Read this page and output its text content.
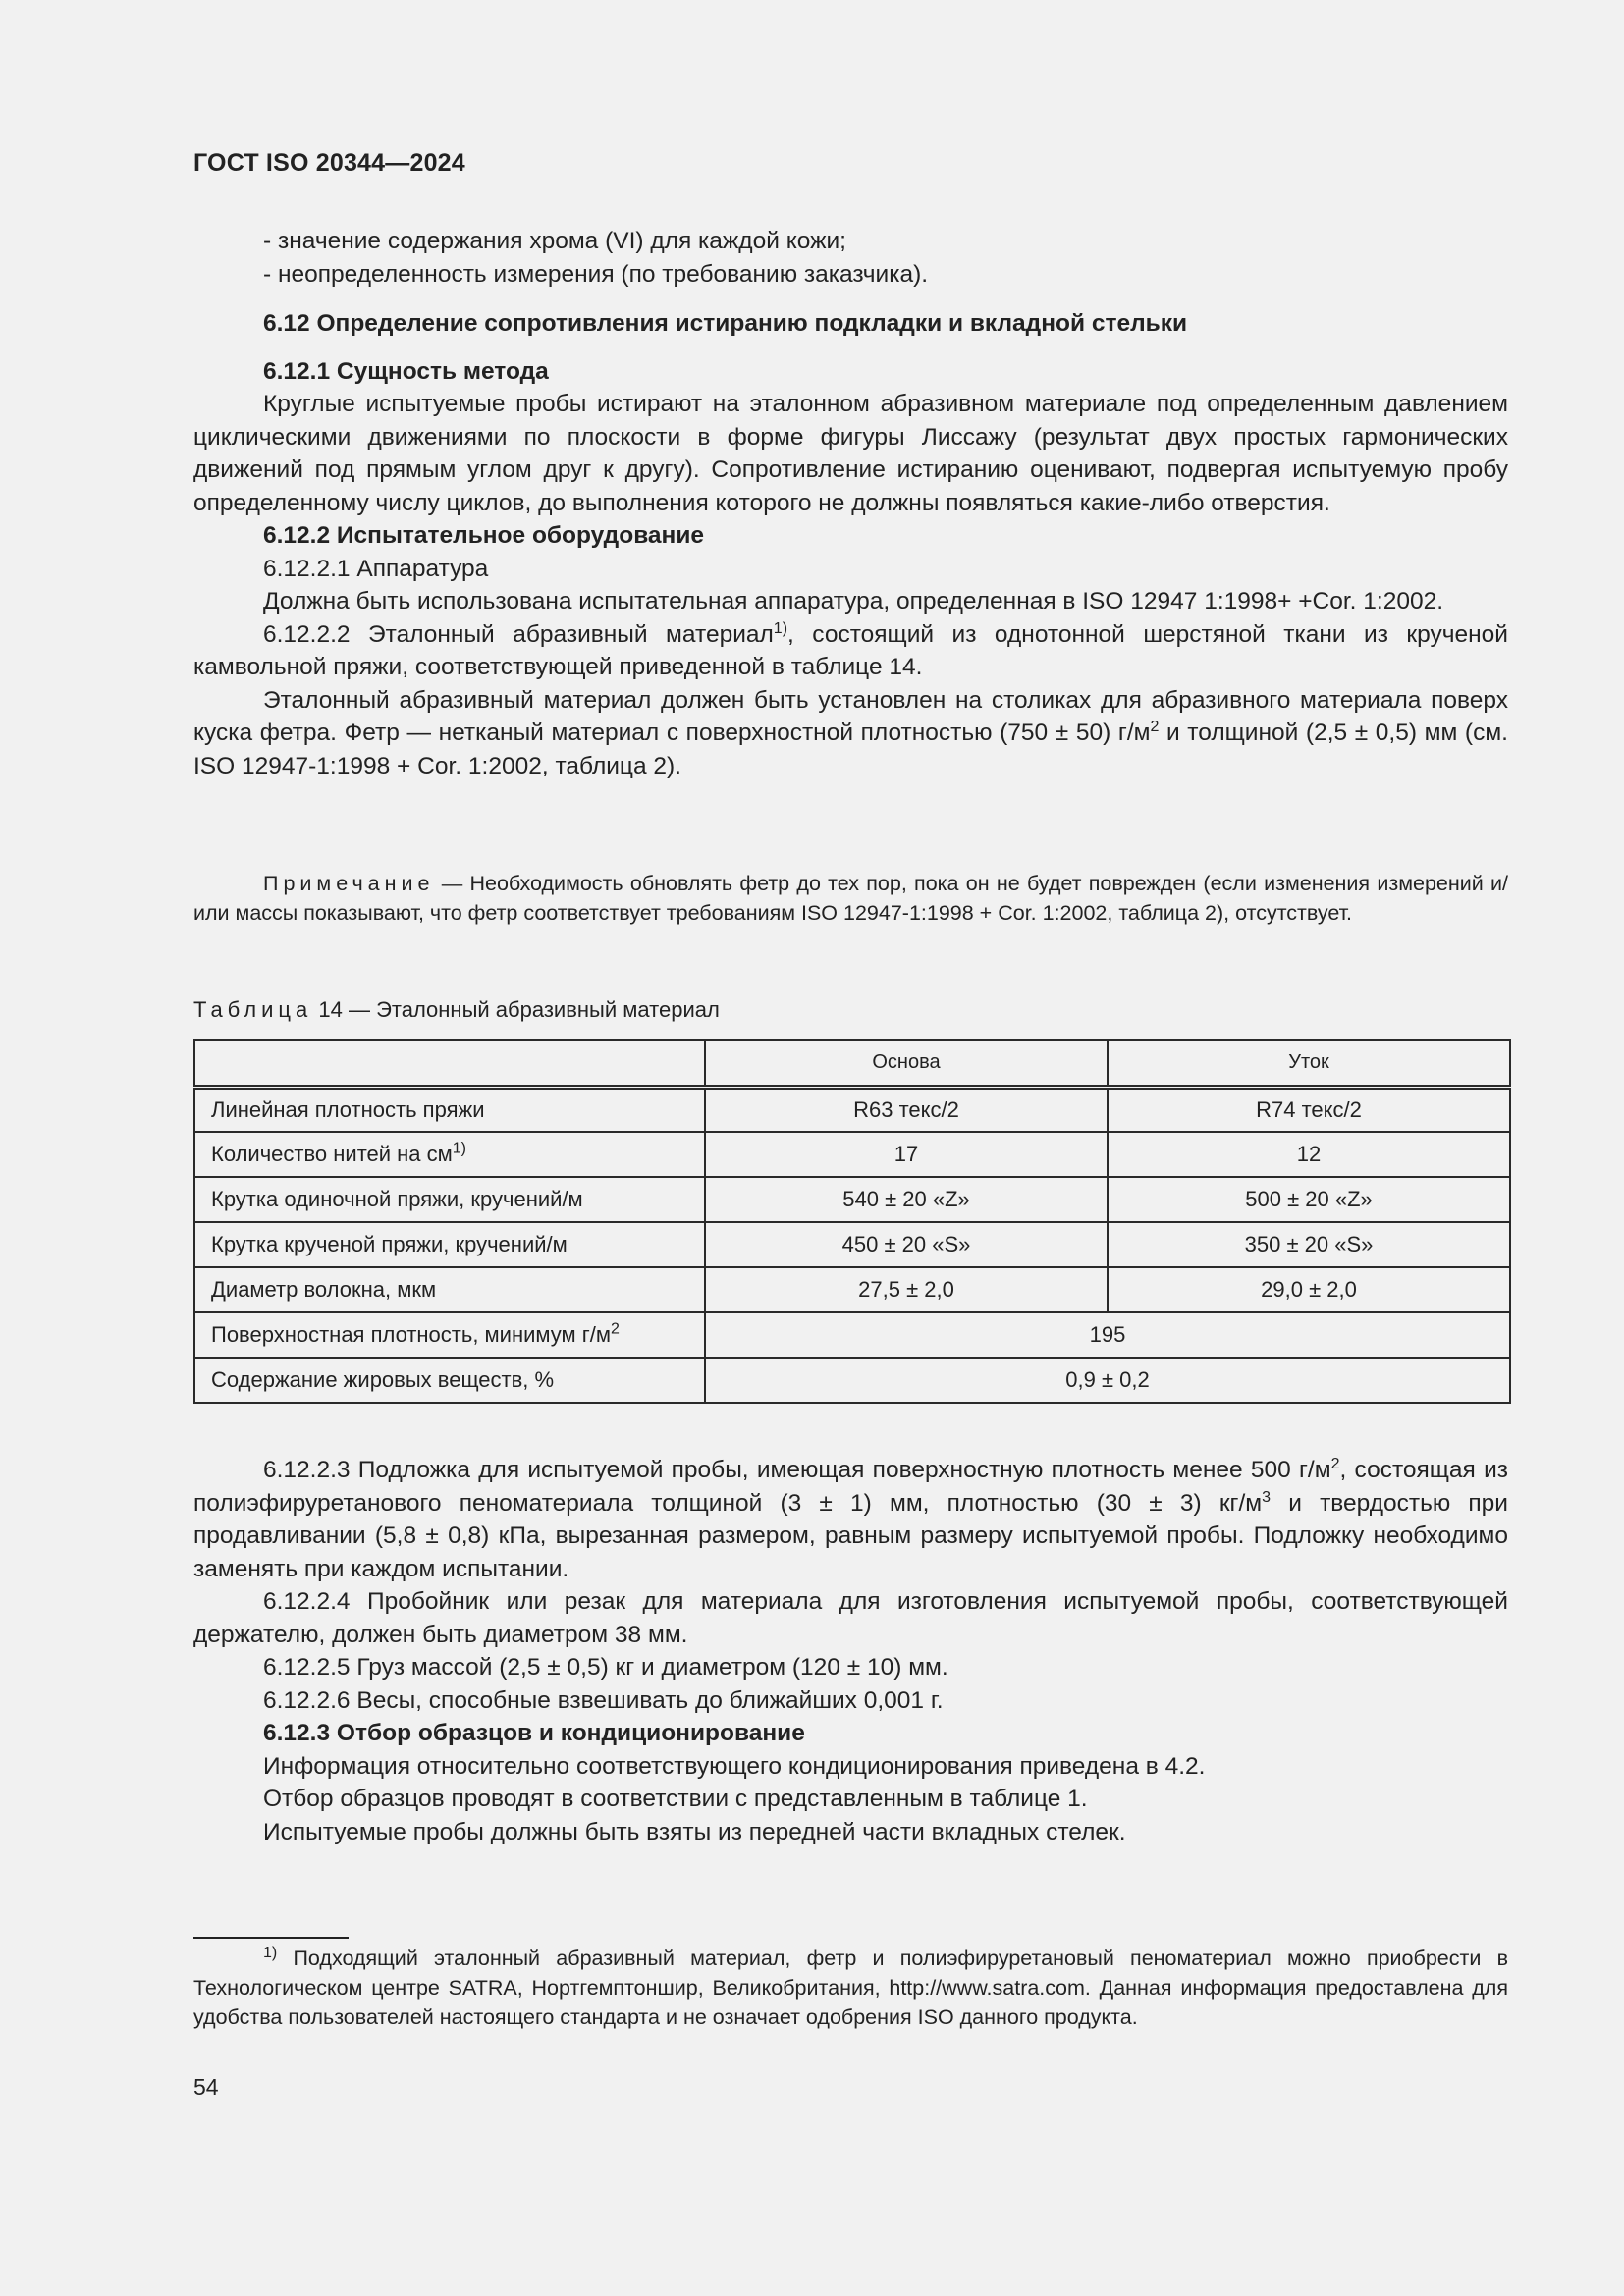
ГОСТ ISO 20344—2024

- значение содержания хрома (VI) для каждой кожи;

- неопределенность измерения (по требованию заказчика).

6.12 Определение сопротивления истиранию подкладки и вкладной стельки

6.12.1 Сущность метода

Круглые испытуемые пробы истирают на эталонном абразивном материале под определенным давлением циклическими движениями по плоскости в форме фигуры Лиссажу (результат двух простых гармонических движений под прямым углом друг к другу). Сопротивление истиранию оценивают, подвергая испытуемую пробу определенному числу циклов, до выполнения которого не должны появляться какие-либо отверстия.

6.12.2 Испытательное оборудование

6.12.2.1 Аппаратура

Должна быть использована испытательная аппаратура, определенная в ISO 12947 1:1998+ +Cor. 1:2002.

6.12.2.2 Эталонный абразивный материал$^{1)}$, состоящий из однотонной шерстяной ткани из крученой камвольной пряжи, соответствующей приведенной в таблице 14.

Эталонный абразивный материал должен быть установлен на столиках для абразивного материала поверх куска фетра. Фетр — нетканый материал с поверхностной плотностью (750 ± 50) $г/м^2$ и толщиной (2,5 ± 0,5) мм (см. ISO 12947-1:1998 + Cor. 1:2002, таблица 2).

Примечание — Необходимость обновлять фетр до тех пор, пока он не будет поврежден (если изменения измерений и/или массы показывают, что фетр соответствует требованиям ISO 12947-1:1998 + Cor. 1:2002, таблица 2), отсутствует.
Таблица 14 — Эталонный абразивный материал
	Основа	Уток
Линейная плотность пряжи	R63 текс/2	R74 текс/2
Количество нитей на $см^{1)}$	17	12
Крутка одиночной пряжи, кручений/м	540 ± 20 «Z»	500 ± 20 «Z»
Крутка крученой пряжи, кручений/м	450 ± 20 «S»	350 ± 20 «S»
Диаметр волокна, мкм	27,5 ± 2,0	29,0 ± 2,0
Поверхностная плотность, минимум $г/м^2$	195	
Содержание жировых веществ, %	0,9 ± 0,2	

6.12.2.3 Подложка для испытуемой пробы, имеющая поверхностную плотность менее 500 $г/м^2$, состоящая из полиэфируретанового пеноматериала толщиной (3 ± 1) мм, плотностью (30 ± 3) $кг/м^3$ и твердостью при продавливании (5,8 ± 0,8) кПа, вырезанная размером, равным размеру испытуемой пробы. Подложку необходимо заменять при каждом испытании.

6.12.2.4 Пробойник или резак для материала для изготовления испытуемой пробы, соответствующей держателю, должен быть диаметром 38 мм.

6.12.2.5 Груз массой (2,5 ± 0,5) кг и диаметром (120 ± 10) мм.

6.12.2.6 Весы, способные взвешивать до ближайших 0,001 г.

6.12.3 Отбор образцов и кондиционирование

Информация относительно соответствующего кондиционирования приведена в 4.2.

Отбор образцов проводят в соответствии с представленным в таблице 1.

Испытуемые пробы должны быть взяты из передней части вкладных стелек.

$^{1)}$ Подходящий эталонный абразивный материал, фетр и полиэфируретановый пеноматериал можно приобрести в Технологическом центре SATRA, Нортгемптоншир, Великобритания, http://www.satra.com. Данная информация предоставлена для удобства пользователей настоящего стандарта и не означает одобрения ISO данного продукта.
54
